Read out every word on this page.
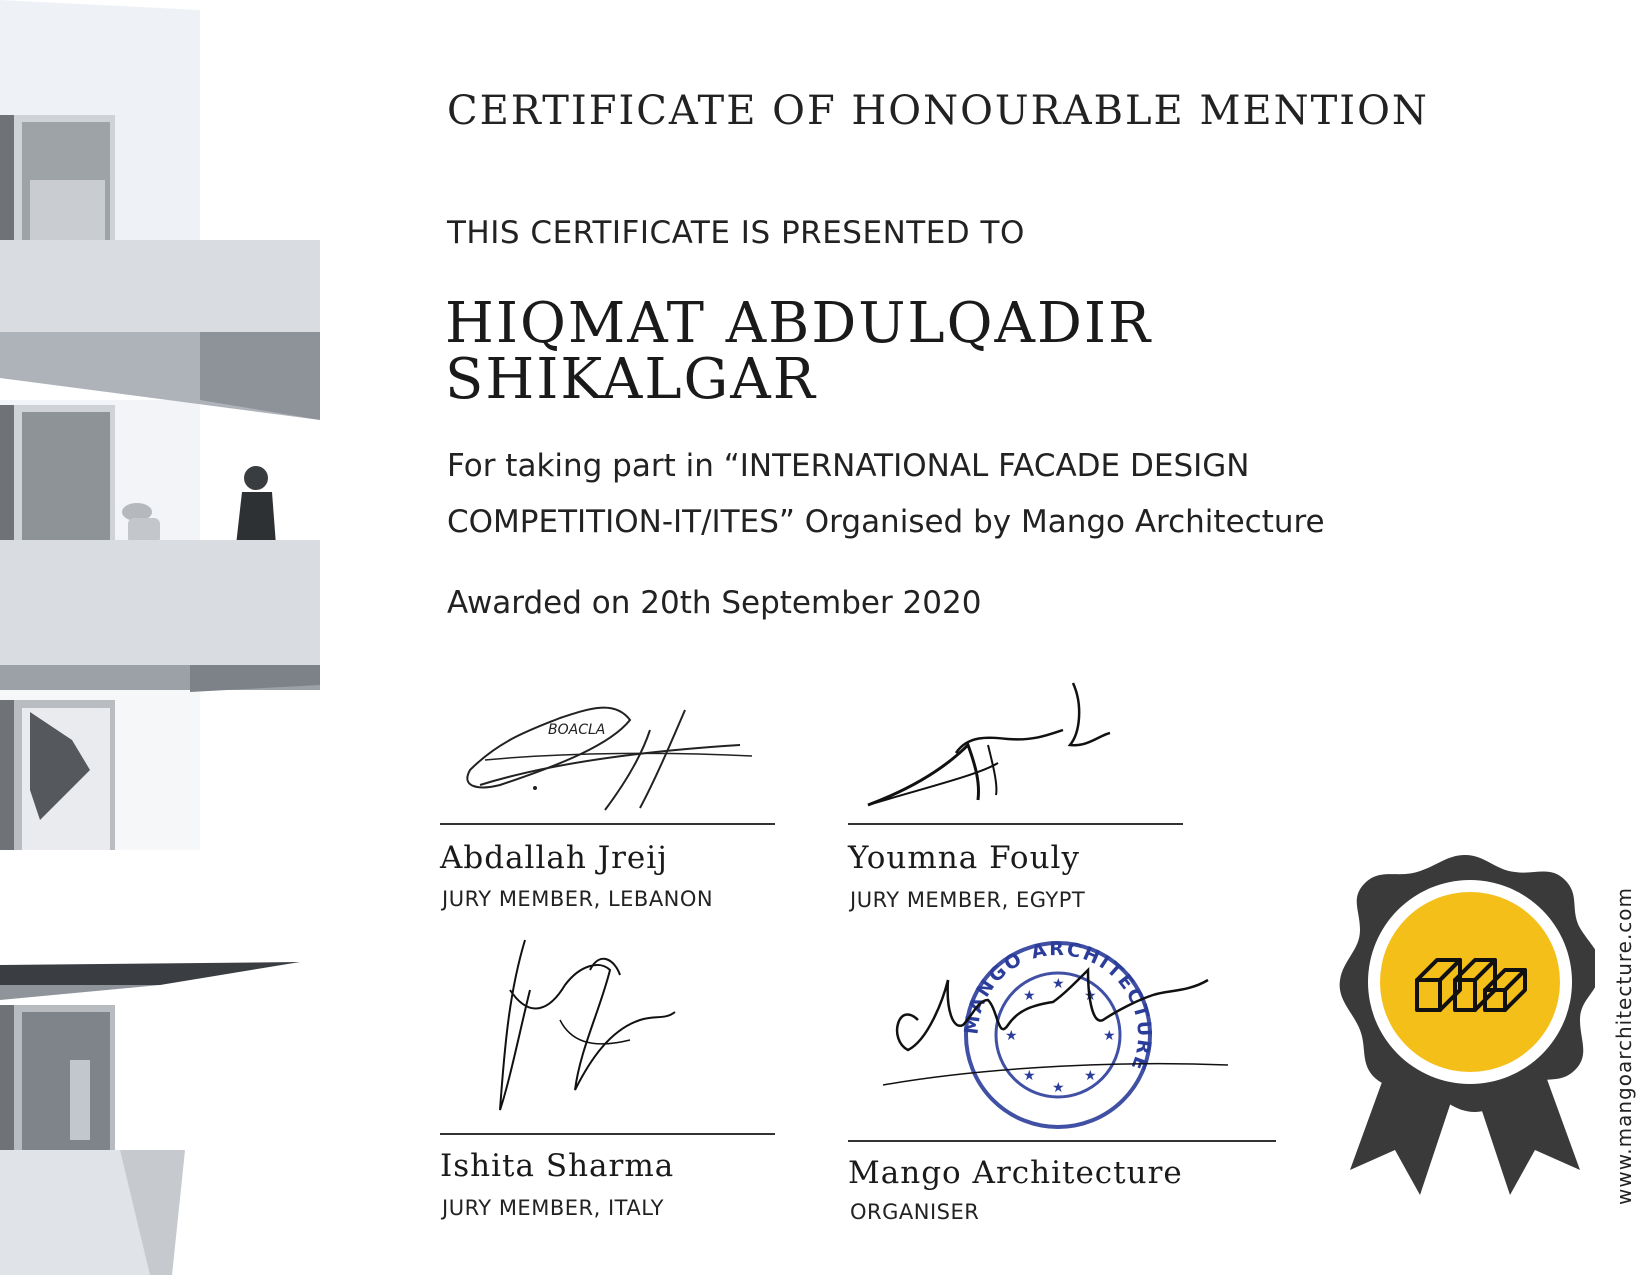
CERTIFICATE OF HONOURABLE MENTION
THIS CERTIFICATE IS PRESENTED TO
HIQMAT ABDULQADIR
SHIKALGAR
For taking part in “INTERNATIONAL FACADE DESIGN
COMPETITION-IT/ITES” Organised by Mango Architecture
Awarded on 20th September 2020
BOACLA
Abdallah Jreij
JURY MEMBER, LEBANON
Youmna Fouly
JURY MEMBER, EGYPT
Ishita Sharma
JURY MEMBER, ITALY
MANGO ARCHITECTURE
★	★
★	★
★	★
★
★
Mango Architecture
ORGANISER
www.mangoarchitecture.com
